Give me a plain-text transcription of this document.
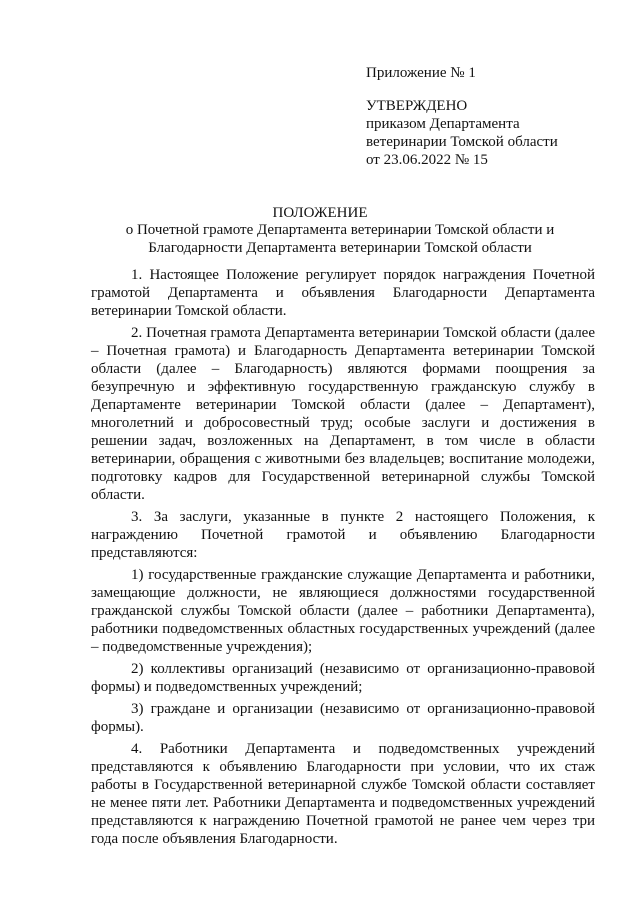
Приложение № 1

УТВЕРЖДЕНО
приказом Департамента
ветеринарии Томской области
от 23.06.2022 № 15

ПОЛОЖЕНИЕ

о Почетной грамоте Департамента ветеринарии Томской области и Благодарности Департамента ветеринарии Томской области

1. Настоящее Положение регулирует порядок награждения Почетной грамотой Департамента и объявления Благодарности Департамента ветеринарии Томской области.

2. Почетная грамота Департамента ветеринарии Томской области (далее – Почетная грамота) и Благодарность Департамента ветеринарии Томской области (далее – Благодарность) являются формами поощрения за безупречную и эффективную государственную гражданскую службу в Департаменте ветеринарии Томской области (далее – Департамент), многолетний и добросовестный труд; особые заслуги и достижения в решении задач, возложенных на Департамент, в том числе в области ветеринарии, обращения с животными без владельцев; воспитание молодежи, подготовку кадров для Государственной ветеринарной службы Томской области.

3. За заслуги, указанные в пункте 2 настоящего Положения, к награждению Почетной грамотой и объявлению Благодарности представляются:

1) государственные гражданские служащие Департамента и работники, замещающие должности, не являющиеся должностями государственной гражданской службы Томской области (далее – работники Департамента), работники подведомственных областных государственных учреждений (далее – подведомственные учреждения);

2) коллективы организаций (независимо от организационно-правовой формы) и подведомственных учреждений;

3) граждане и организации (независимо от организационно-правовой формы).

4. Работники Департамента и подведомственных учреждений представляются к объявлению Благодарности при условии, что их стаж работы в Государственной ветеринарной службе Томской области составляет не менее пяти лет. Работники Департамента и подведомственных учреждений представляются к награждению Почетной грамотой не ранее чем через три года после объявления Благодарности.
